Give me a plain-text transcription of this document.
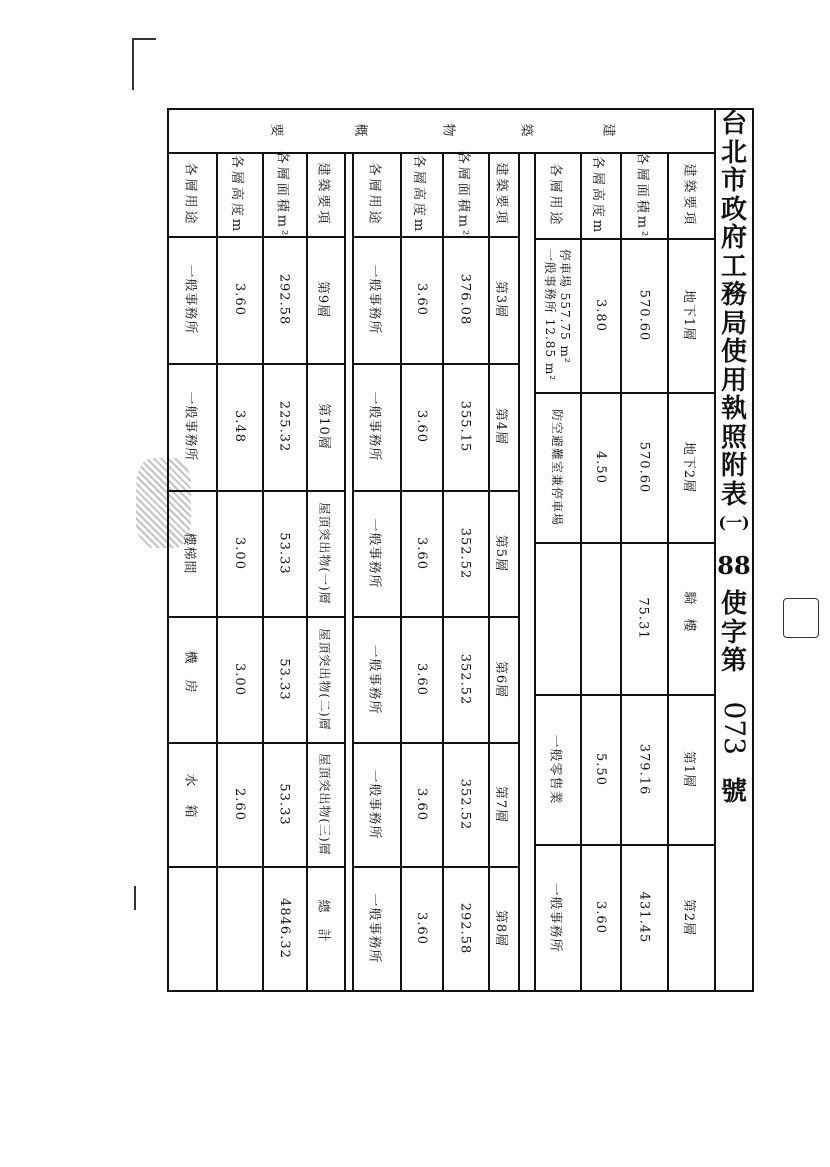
台
北
市
政
府
工
務
局
使
用
執
照
附
表
(一)
88
使
字
第
073
號
建
築
物
概
要
建築要項
各層面積m²
各層高度m
各層用途
地下1層
570.60
3.80
停車場 557.75 m²
一般事務所 12.85 m²
地下2層
570.60
4.50
防空避難室兼停車場
騎樓
75.31
第1層
379.16
5.50
一般零售業
第2層
431.45
3.60
一般事務所
建築要項
各層面積m²
各層高度m
各層用途
第3層
376.08
3.60
一般事務所
第4層
355.15
3.60
一般事務所
第5層
352.52
3.60
一般事務所
第6層
352.52
3.60
一般事務所
第7層
352.52
3.60
一般事務所
第8層
292.58
3.60
一般事務所
建築要項
各層面積m²
各層高度m
各層用途
第9層
292.58
3.60
一般事務所
第10層
225.32
3.48
一般事務所
屋頂突出物(一)層
53.33
3.00
樓梯間
屋頂突出物(二)層
53.33
3.00
機房
屋頂突出物(三)層
53.33
2.60
水箱
總計
4846.32
